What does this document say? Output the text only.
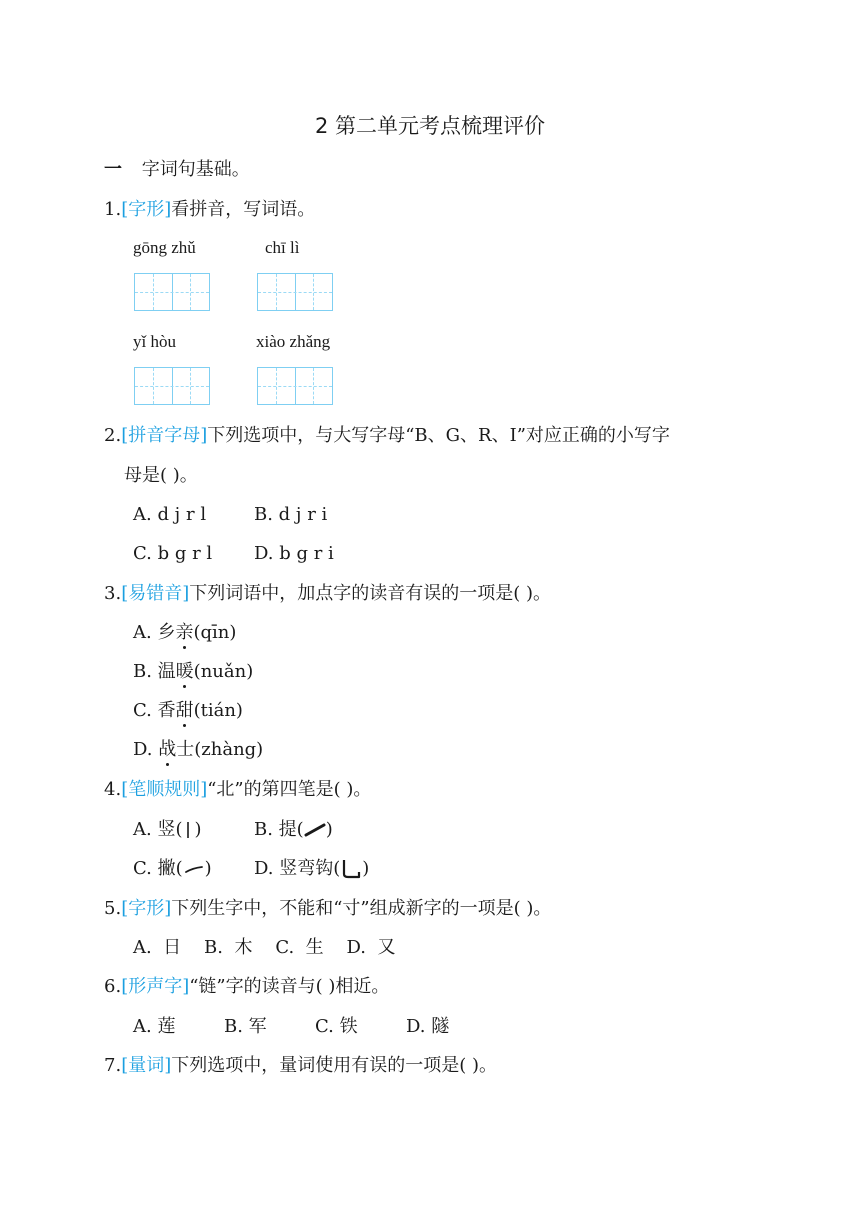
2 第二单元考点梳理评价
一 字词句基础。
1.[字形]看拼音，写词语。
gōng zhǔ	chī lì
yǐ hòu	xiào zhǎng
2.[拼音字母]下列选项中，与大写字母“B、G、R、I”对应正确的小写字
母是( )。
A. d j r l	B. d j r i
C. b g r l D. b g r i
3.[易错音]下列词语中，加点字的读音有误的一项是( )。
A. 乡亲(qīn)
B. 温暖(nuǎn)
C. 香甜(tián)
D. 战士(zhàng)
4.[笔顺规则]“北”的第四笔是( )。
A. 竖( )	B. 提( )
C. 撇( ) D. 竖弯钩( )
5.[字形]下列生字中，不能和“寸”组成新字的一项是( )。
A.  日    B.  木    C.  生    D.  又
6.[形声字]“链”字的读音与( )相近。
A. 莲	B. 军	C. 铁	D. 隧
7.[量词]下列选项中，量词使用有误的一项是( )。
